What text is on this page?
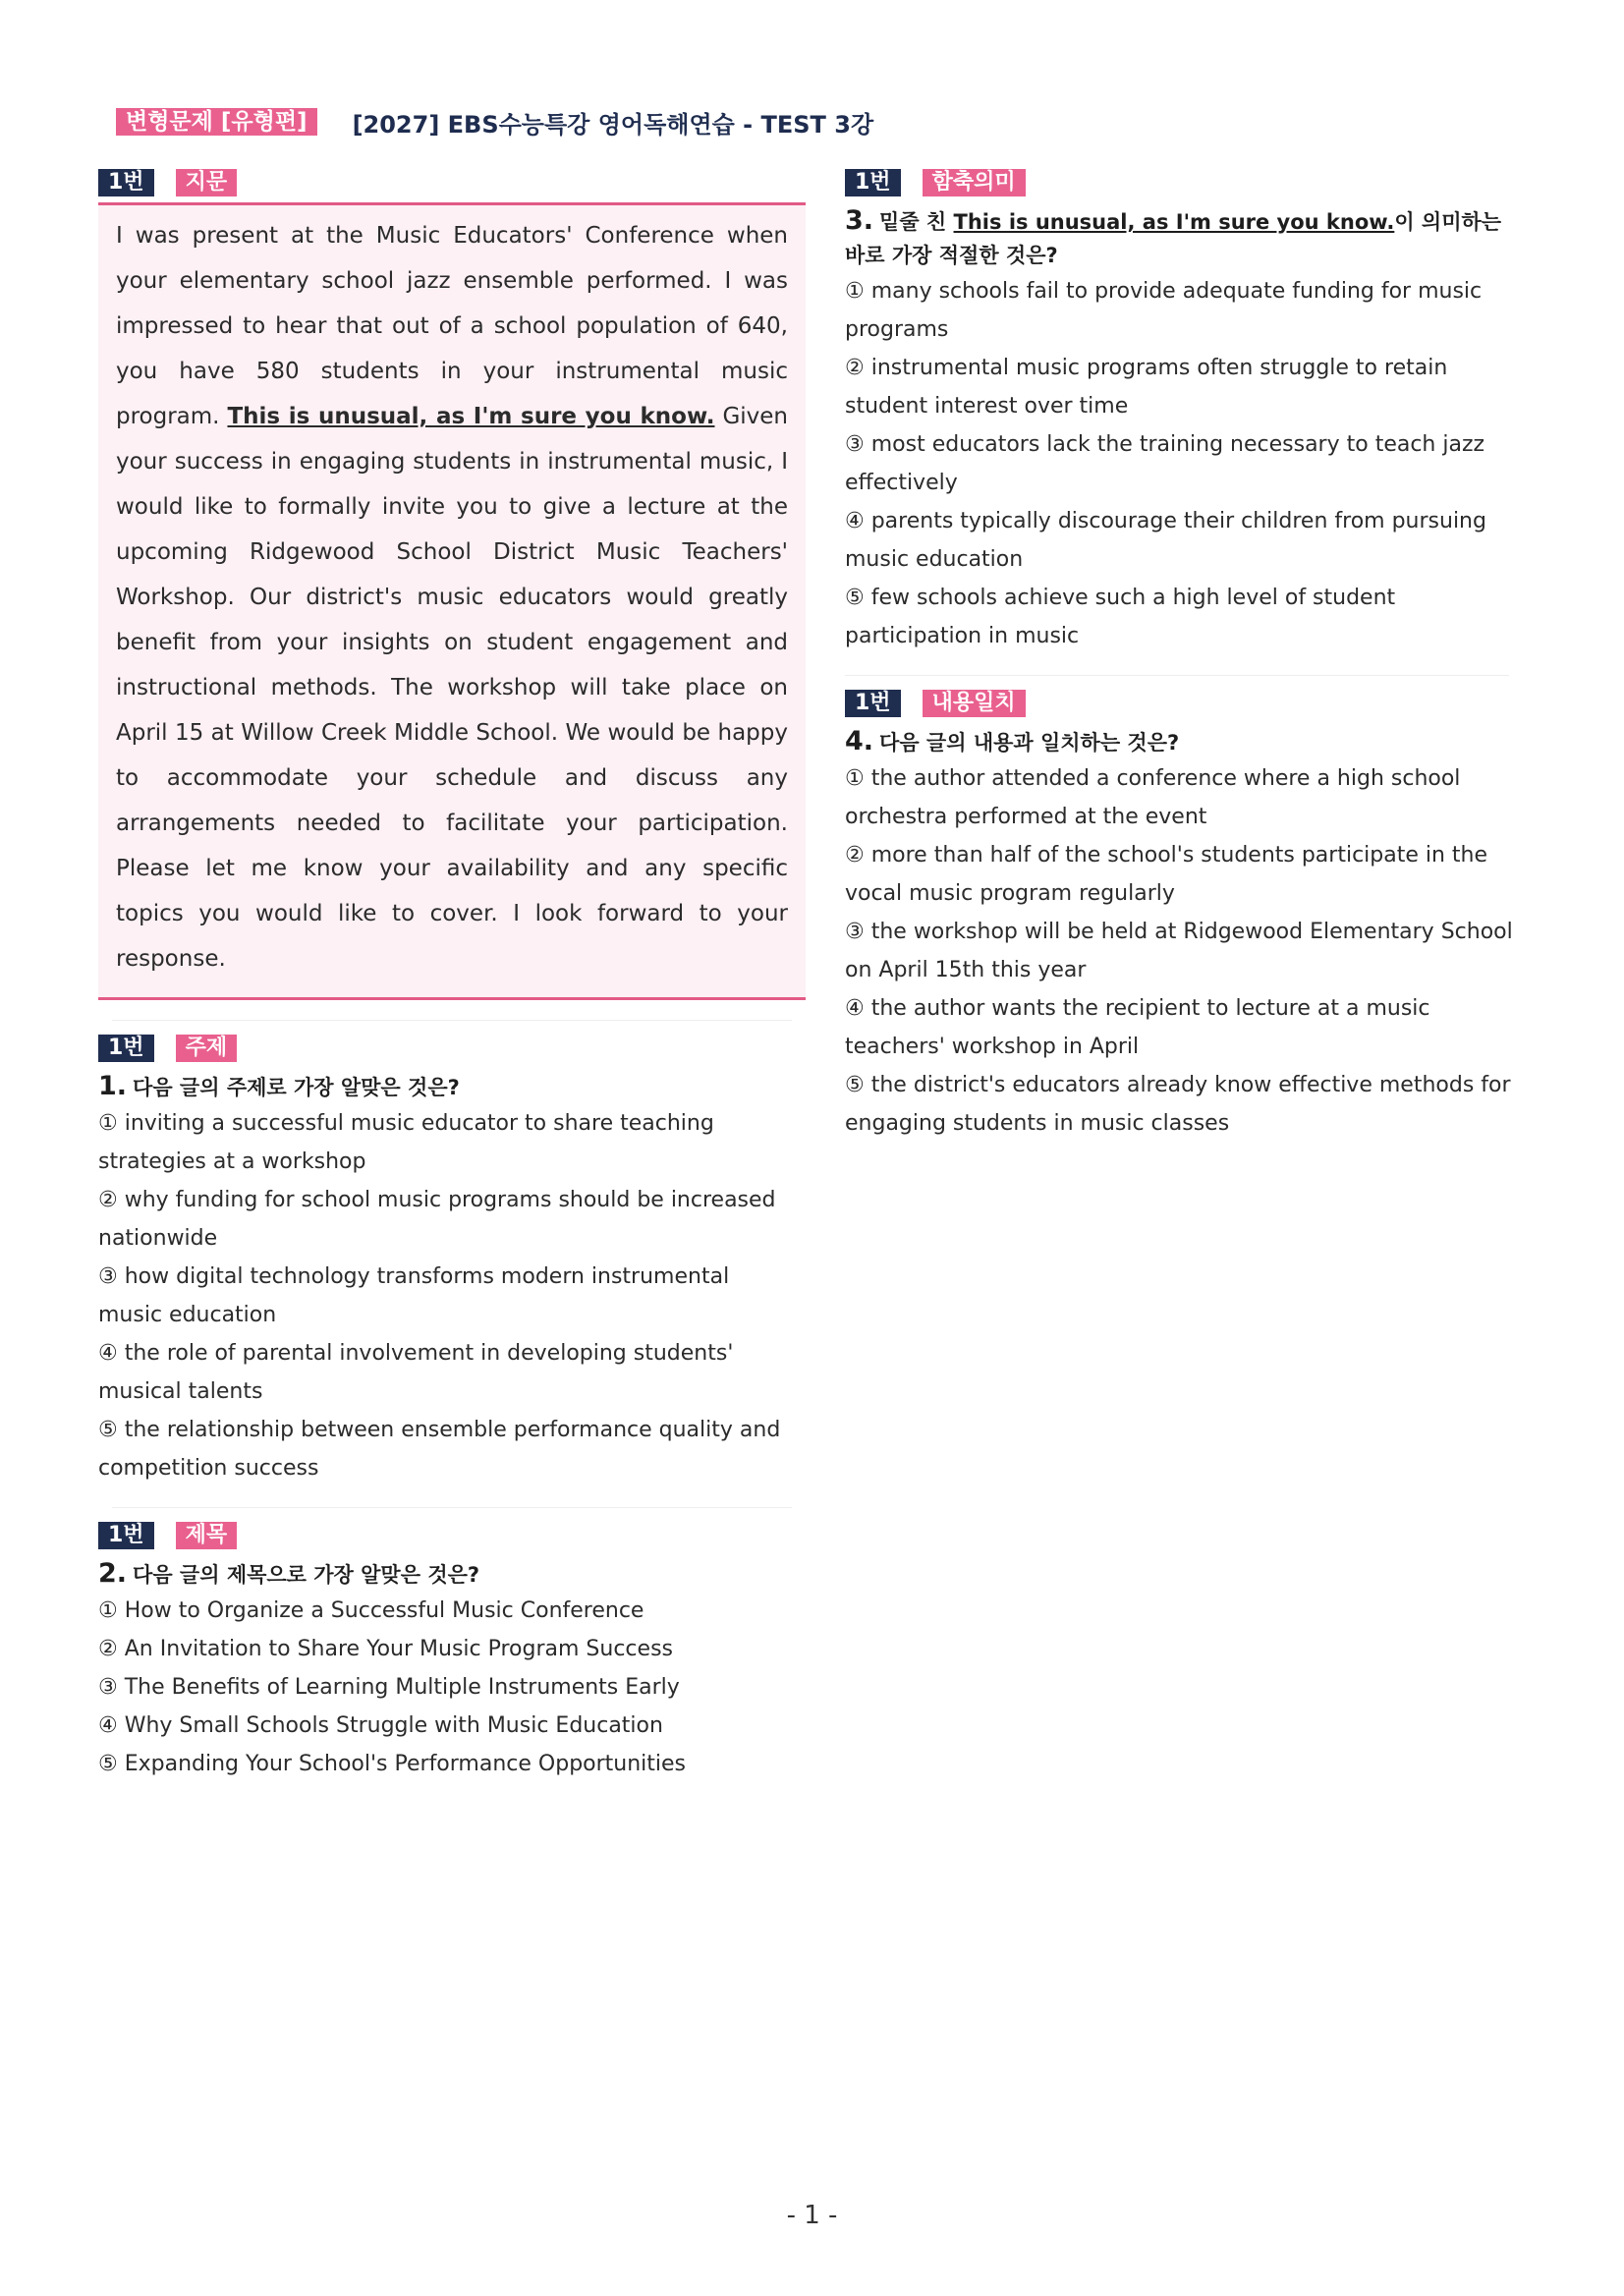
변형문제 [유형편]	[2027] EBS수능특강 영어독해연습 - TEST 3강
1번	지문
I was present at the Music Educators' Conference when your elementary school jazz ensemble performed. I was impressed to hear that out of a school population of 640, you have 580 students in your instrumental music program. This is unusual, as I'm sure you know. Given your success in engaging students in instrumental music, I would like to formally invite you to give a lecture at the upcoming Ridgewood School District Music Teachers' Workshop. Our district's music educators would greatly benefit from your insights on student engagement and instructional methods. The workshop will take place on April 15 at Willow Creek Middle School. We would be happy to accommodate your schedule and discuss any arrangements needed to facilitate your participation. Please let me know your availability and any specific topics you would like to cover. I look forward to your response.
1번	주제
1. 다음 글의 주제로 가장 알맞은 것은?
① inviting a successful music educator to share teaching strategies at a workshop
② why funding for school music programs should be increased nationwide
③ how digital technology transforms modern instrumental music education
④ the role of parental involvement in developing students' musical talents
⑤ the relationship between ensemble performance quality and competition success
1번	제목
2. 다음 글의 제목으로 가장 알맞은 것은?
① How to Organize a Successful Music Conference
② An Invitation to Share Your Music Program Success
③ The Benefits of Learning Multiple Instruments Early
④ Why Small Schools Struggle with Music Education
⑤ Expanding Your School's Performance Opportunities
1번	함축의미
3. 밑줄 친 This is unusual, as I'm sure you know.이 의미하는 바로 가장 적절한 것은?
① many schools fail to provide adequate funding for music programs
② instrumental music programs often struggle to retain student interest over time
③ most educators lack the training necessary to teach jazz effectively
④ parents typically discourage their children from pursuing music education
⑤ few schools achieve such a high level of student participation in music
1번	내용일치
4. 다음 글의 내용과 일치하는 것은?
① the author attended a conference where a high school orchestra performed at the event
② more than half of the school's students participate in the vocal music program regularly
③ the workshop will be held at Ridgewood Elementary School on April 15th this year
④ the author wants the recipient to lecture at a music teachers' workshop in April
⑤ the district's educators already know effective methods for engaging students in music classes
- 1 -
